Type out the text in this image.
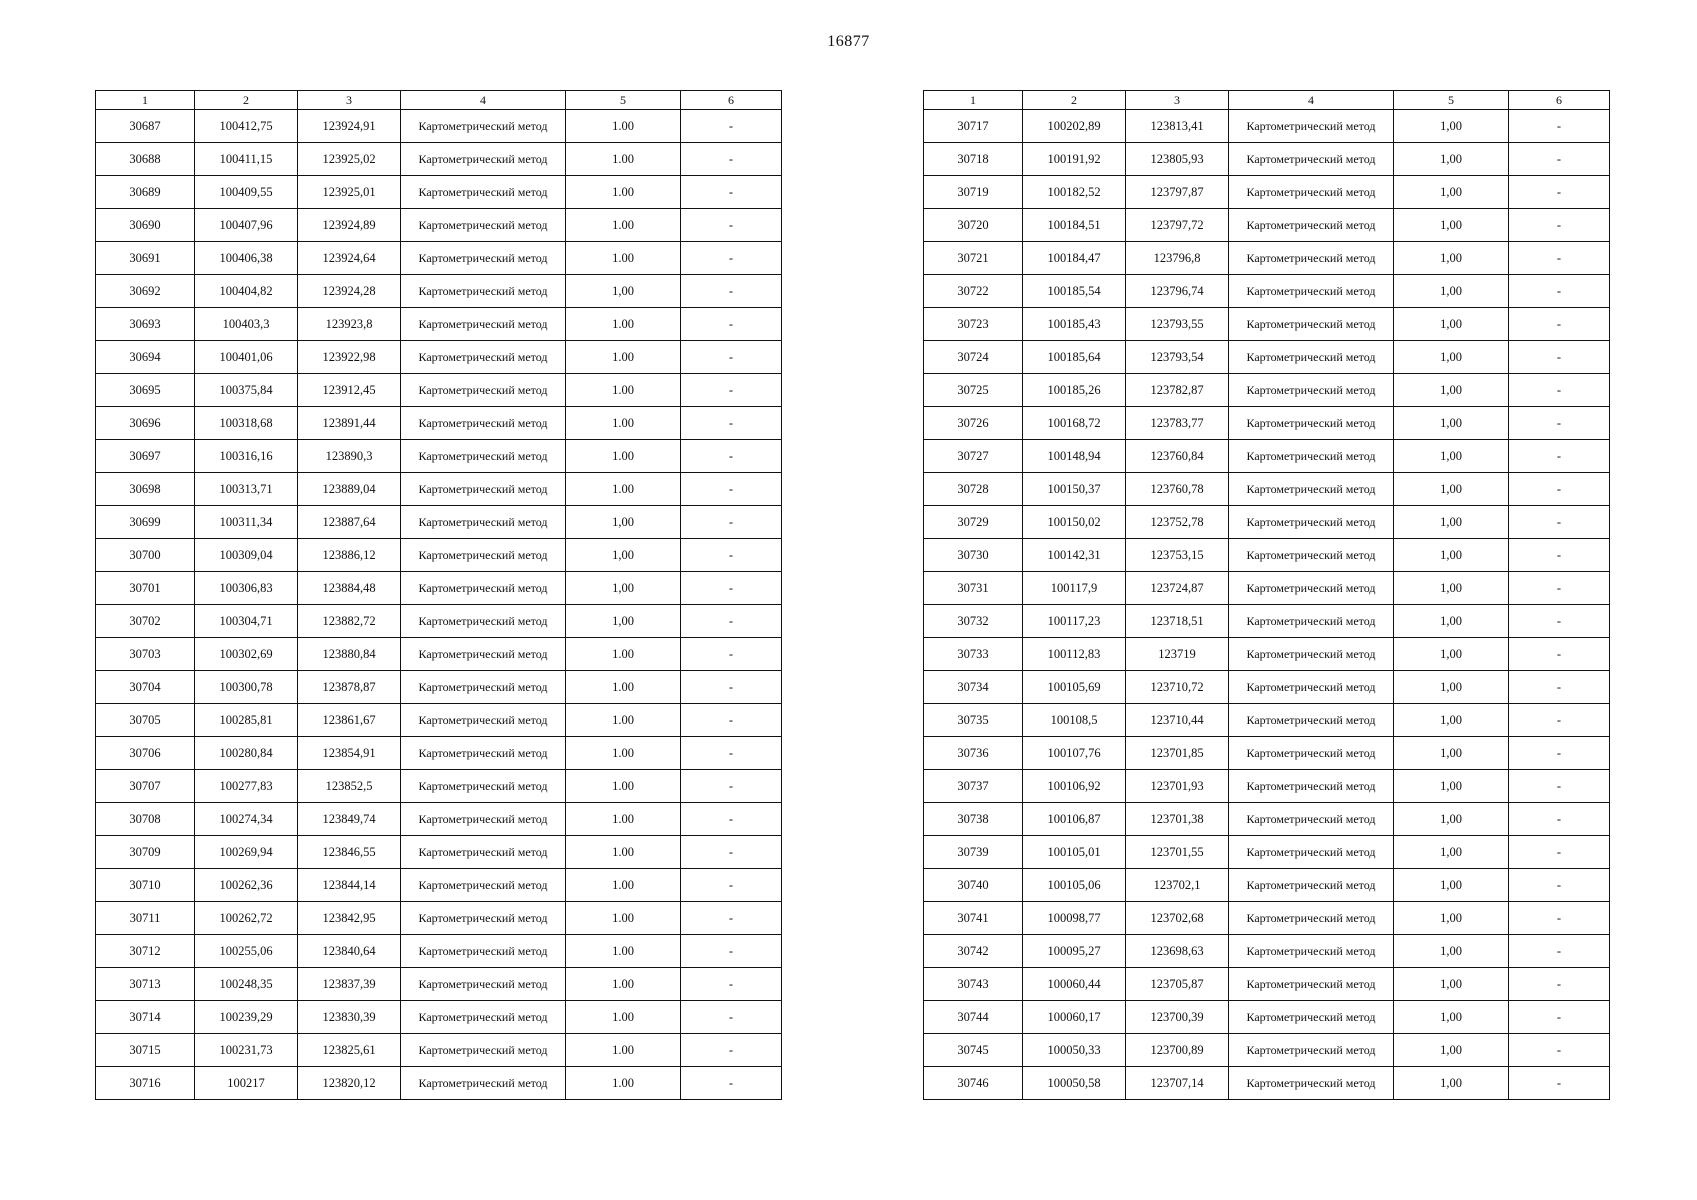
16877
1	2	3	4	5	6
30687	100412,75	123924,91	Картометрический метод	1.00	-
30688	100411,15	123925,02	Картометрический метод	1.00	-
30689	100409,55	123925,01	Картометрический метод	1.00	-
30690	100407,96	123924,89	Картометрический метод	1.00	-
30691	100406,38	123924,64	Картометрический метод	1.00	-
30692	100404,82	123924,28	Картометрический метод	1,00	-
30693	100403,3	123923,8	Картометрический метод	1.00	-
30694	100401,06	123922,98	Картометрический метод	1.00	-
30695	100375,84	123912,45	Картометрический метод	1.00	-
30696	100318,68	123891,44	Картометрический метод	1.00	-
30697	100316,16	123890,3	Картометрический метод	1.00	-
30698	100313,71	123889,04	Картометрический метод	1.00	-
30699	100311,34	123887,64	Картометрический метод	1,00	-
30700	100309,04	123886,12	Картометрический метод	1,00	-
30701	100306,83	123884,48	Картометрический метод	1,00	-
30702	100304,71	123882,72	Картометрический метод	1,00	-
30703	100302,69	123880,84	Картометрический метод	1.00	-
30704	100300,78	123878,87	Картометрический метод	1.00	-
30705	100285,81	123861,67	Картометрический метод	1.00	-
30706	100280,84	123854,91	Картометрический метод	1.00	-
30707	100277,83	123852,5	Картометрический метод	1.00	-
30708	100274,34	123849,74	Картометрический метод	1.00	-
30709	100269,94	123846,55	Картометрический метод	1.00	-
30710	100262,36	123844,14	Картометрический метод	1.00	-
30711	100262,72	123842,95	Картометрический метод	1.00	-
30712	100255,06	123840,64	Картометрический метод	1.00	-
30713	100248,35	123837,39	Картометрический метод	1.00	-
30714	100239,29	123830,39	Картометрический метод	1.00	-
30715	100231,73	123825,61	Картометрический метод	1.00	-
30716	100217	123820,12	Картометрический метод	1.00	-
1	2	3	4	5	6
30717	100202,89	123813,41	Картометрический метод	1,00	-
30718	100191,92	123805,93	Картометрический метод	1,00	-
30719	100182,52	123797,87	Картометрический метод	1,00	-
30720	100184,51	123797,72	Картометрический метод	1,00	-
30721	100184,47	123796,8	Картометрический метод	1,00	-
30722	100185,54	123796,74	Картометрический метод	1,00	-
30723	100185,43	123793,55	Картометрический метод	1,00	-
30724	100185,64	123793,54	Картометрический метод	1,00	-
30725	100185,26	123782,87	Картометрический метод	1,00	-
30726	100168,72	123783,77	Картометрический метод	1,00	-
30727	100148,94	123760,84	Картометрический метод	1,00	-
30728	100150,37	123760,78	Картометрический метод	1,00	-
30729	100150,02	123752,78	Картометрический метод	1,00	-
30730	100142,31	123753,15	Картометрический метод	1,00	-
30731	100117,9	123724,87	Картометрический метод	1,00	-
30732	100117,23	123718,51	Картометрический метод	1,00	-
30733	100112,83	123719	Картометрический метод	1,00	-
30734	100105,69	123710,72	Картометрический метод	1,00	-
30735	100108,5	123710,44	Картометрический метод	1,00	-
30736	100107,76	123701,85	Картометрический метод	1,00	-
30737	100106,92	123701,93	Картометрический метод	1,00	-
30738	100106,87	123701,38	Картометрический метод	1,00	-
30739	100105,01	123701,55	Картометрический метод	1,00	-
30740	100105,06	123702,1	Картометрический метод	1,00	-
30741	100098,77	123702,68	Картометрический метод	1,00	-
30742	100095,27	123698,63	Картометрический метод	1,00	-
30743	100060,44	123705,87	Картометрический метод	1,00	-
30744	100060,17	123700,39	Картометрический метод	1,00	-
30745	100050,33	123700,89	Картометрический метод	1,00	-
30746	100050,58	123707,14	Картометрический метод	1,00	-
